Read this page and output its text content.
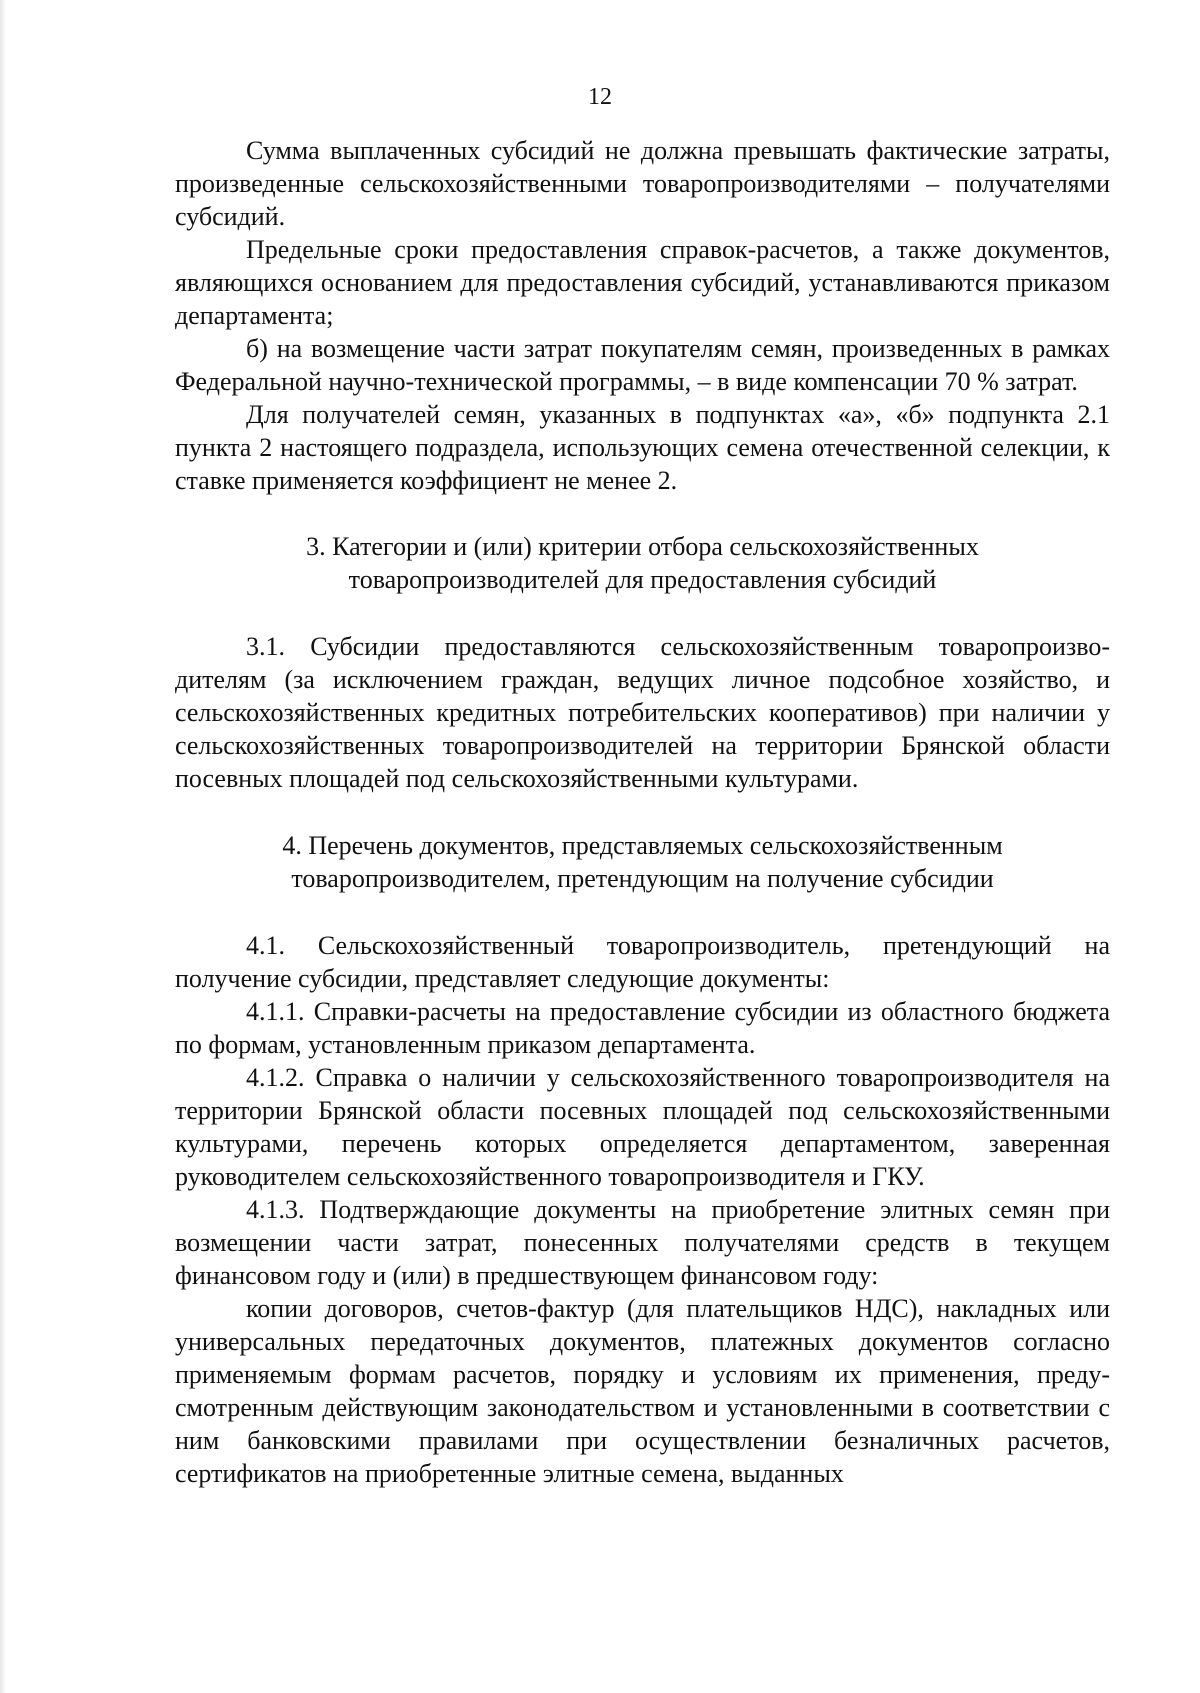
12

Сумма выплаченных субсидий не должна превышать фактические затраты, произведенные сельскохозяйственными товаропроизводителями – получателями субсидий.

Предельные сроки предоставления справок-расчетов, а также документов, являющихся основанием для предоставления субсидий, устанавливаются приказом департамента;

б) на возмещение части затрат покупателям семян, произведенных в рамках Федеральной научно-технической программы, – в виде компенсации 70 % затрат.

Для получателей семян, указанных в подпунктах «а», «б» подпункта 2.1 пункта 2 настоящего подраздела, использующих семена отечественной селекции, к ставке применяется коэффициент не менее 2.

3. Категории и (или) критерии отбора сельскохозяйственных
товаропроизводителей для предоставления субсидий

3.1. Субсидии предоставляются сельскохозяйственным товаропроизводителям (за исключением граждан, ведущих личное подсобное хозяйство, и сельскохозяйственных кредитных потребительских кооперативов) при наличии у сельскохозяйственных товаропроизводителей на территории Брянской области посевных площадей под сельскохозяйственными культурами.

4. Перечень документов, представляемых сельскохозяйственным
товаропроизводителем, претендующим на получение субсидии

4.1. Сельскохозяйственный товаропроизводитель, претендующий на получение субсидии, представляет следующие документы:

4.1.1. Справки-расчеты на предоставление субсидии из областного бюджета по формам, установленным приказом департамента.

4.1.2. Справка о наличии у сельскохозяйственного товаропроизводителя на территории Брянской области посевных площадей под сельскохозяйственными культурами, перечень которых определяется департаментом, заверенная руководителем сельскохозяйственного товаропроизводителя и ГКУ.

4.1.3. Подтверждающие документы на приобретение элитных семян при возмещении части затрат, понесенных получателями средств в текущем финансовом году и (или) в предшествующем финансовом году:

копии договоров, счетов-фактур (для плательщиков НДС), накладных или универсальных передаточных документов, платежных документов согласно применяемым формам расчетов, порядку и условиям их применения, предусмотренным действующим законодательством и установленными в соответствии с ним банковскими правилами при осуществлении безналичных расчетов, сертификатов на приобретенные элитные семена, выданных
